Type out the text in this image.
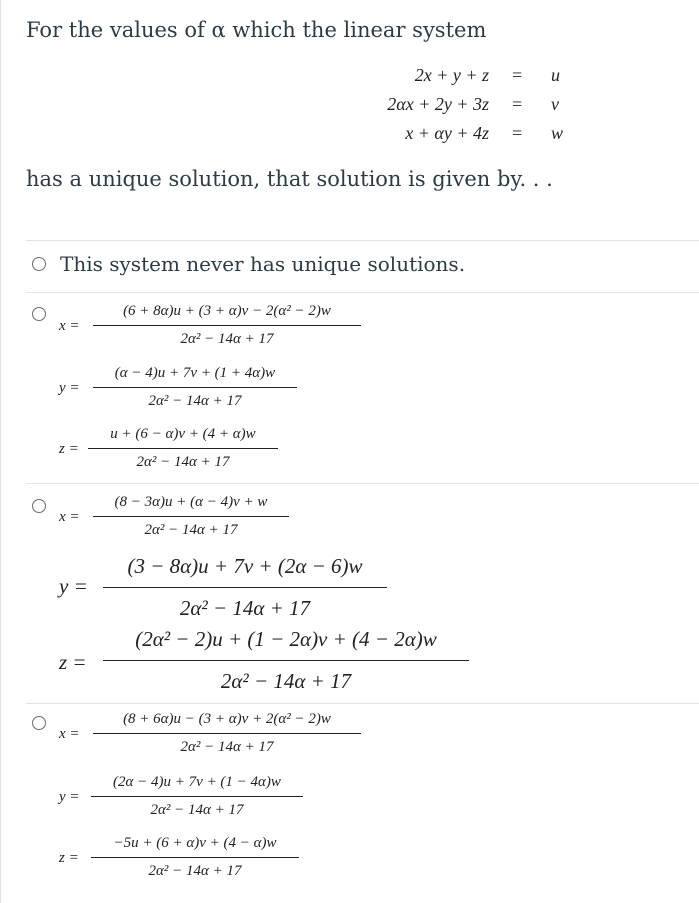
For the values of α which the linear system
2x + y + z = u
2αx + 2y + 3z = v
x + αy + 4z = w
has a unique solution, that solution is given by. . .
This system never has unique solutions.
x =
(6 + 8α)u + (3 + α)v − 2(α² − 2)w
2α² − 14α + 17
y =
(α − 4)u + 7v + (1 + 4α)w
2α² − 14α + 17
z =
u + (6 − α)v + (4 + α)w
2α² − 14α + 17
x =
(8 − 3α)u + (α − 4)v + w
2α² − 14α + 17
y =
(3 − 8α)u + 7v + (2α − 6)w
2α² − 14α + 17
z =
(2α² − 2)u + (1 − 2α)v + (4 − 2α)w
2α² − 14α + 17
x =
(8 + 6α)u − (3 + α)v + 2(α² − 2)w
2α² − 14α + 17
y =
(2α − 4)u + 7v + (1 − 4α)w
2α² − 14α + 17
z =
−5u + (6 + α)v + (4 − α)w
2α² − 14α + 17
